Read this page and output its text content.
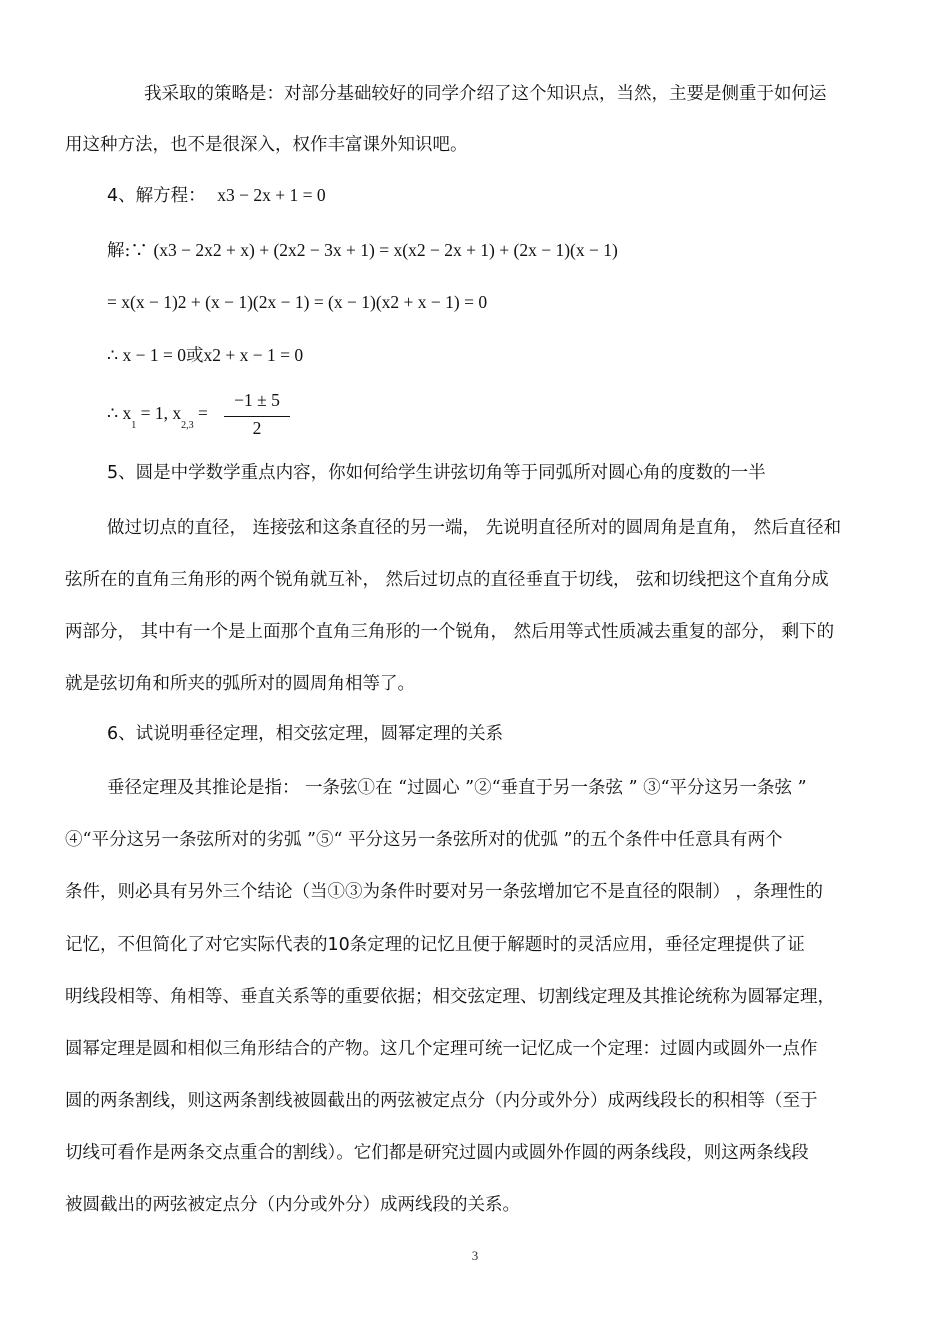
我采取的策略是：对部分基础较好的同学介绍了这个知识点，当然，主要是侧重于如何运
用这种方法，也不是很深入，权作丰富课外知识吧。
4、解方程： x3 − 2x + 1 = 0
解:∵ (x3 − 2x2 + x) + (2x2 − 3x + 1) = x(x2 − 2x + 1) + (2x − 1)(x − 1)
= x(x − 1)2 + (x − 1)(2x − 1) = (x − 1)(x2 + x − 1) = 0
∴ x − 1 = 0或x2 + x − 1 = 0
∴ $x_1 = 1$, $x_{2,3}$ =
−1 ± 5
2
5、圆是中学数学重点内容，你如何给学生讲弦切角等于同弧所对圆心角的度数的一半
做过切点的直径， 连接弦和这条直径的另一端， 先说明直径所对的圆周角是直角， 然后直径和
弦所在的直角三角形的两个锐角就互补， 然后过切点的直径垂直于切线， 弦和切线把这个直角分成
两部分， 其中有一个是上面那个直角三角形的一个锐角， 然后用等式性质减去重复的部分， 剩下的
就是弦切角和所夹的弧所对的圆周角相等了。
6、试说明垂径定理，相交弦定理，圆幂定理的关系
垂径定理及其推论是指： 一条弦①在 “过圆心 ”②“垂直于另一条弦 ” ③“平分这另一条弦 ”
④“平分这另一条弦所对的劣弧 ”⑤“ 平分这另一条弦所对的优弧 ”的五个条件中任意具有两个
条件，则必具有另外三个结论（当①③为条件时要对另一条弦增加它不是直径的限制） ，条理性的
记忆，不但简化了对它实际代表的10条定理的记忆且便于解题时的灵活应用，垂径定理提供了证
明线段相等、角相等、垂直关系等的重要依据；相交弦定理、切割线定理及其推论统称为圆幂定理，
圆幂定理是圆和相似三角形结合的产物。这几个定理可统一记忆成一个定理：过圆内或圆外一点作
圆的两条割线，则这两条割线被圆截出的两弦被定点分（内分或外分）成两线段长的积相等（至于
切线可看作是两条交点重合的割线）。它们都是研究过圆内或圆外作圆的两条线段，则这两条线段
被圆截出的两弦被定点分（内分或外分）成两线段的关系。
3
